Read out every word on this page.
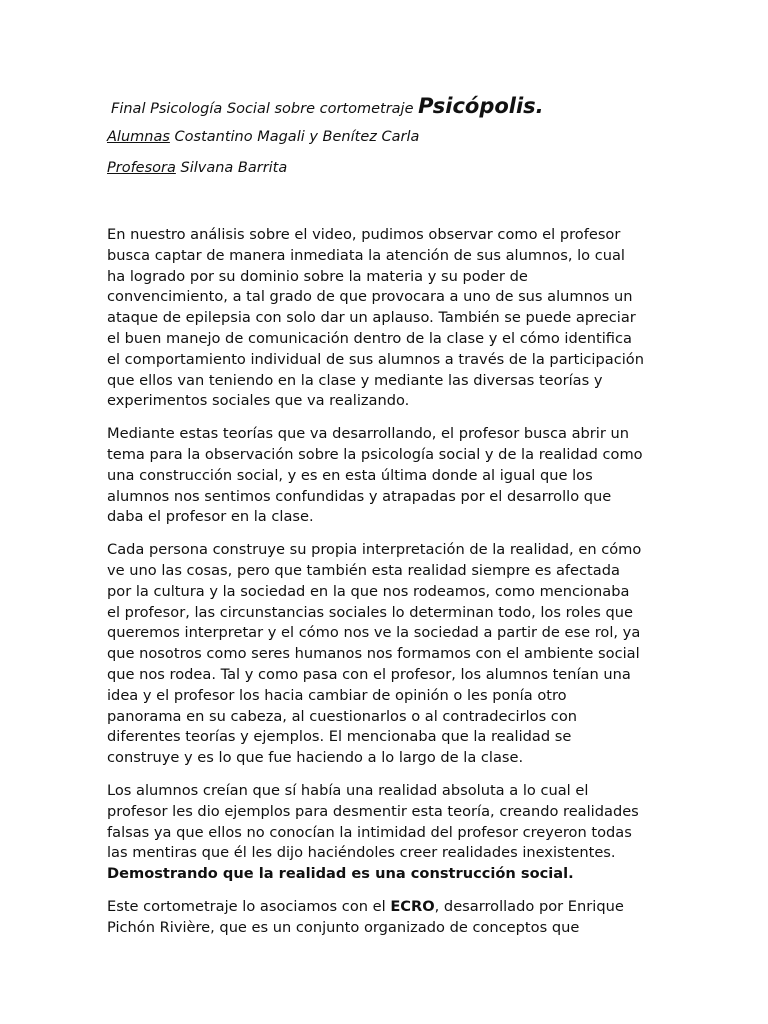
Final Psicología Social sobre cortometraje Psicópolis.
Alumnas Costantino Magali y Benítez Carla
Profesora Silvana Barrita

En nuestro análisis sobre el video, pudimos observar como el profesor
busca captar de manera inmediata la atención de sus alumnos, lo cual
ha logrado por su dominio sobre la materia y su poder de
convencimiento, a tal grado de que provocara a uno de sus alumnos un
ataque de epilepsia con solo dar un aplauso. También se puede apreciar
el buen manejo de comunicación dentro de la clase y el cómo identifica
el comportamiento individual de sus alumnos a través de la participación
que ellos van teniendo en la clase y mediante las diversas teorías y
experimentos sociales que va realizando.

Mediante estas teorías que va desarrollando, el profesor busca abrir un
tema para la observación sobre la psicología social y de la realidad como
una construcción social, y es en esta última donde al igual que los
alumnos nos sentimos confundidas y atrapadas por el desarrollo que
daba el profesor en la clase.

Cada persona construye su propia interpretación de la realidad, en cómo
ve uno las cosas, pero que también esta realidad siempre es afectada
por la cultura y la sociedad en la que nos rodeamos, como mencionaba
el profesor, las circunstancias sociales lo determinan todo, los roles que
queremos interpretar y el cómo nos ve la sociedad a partir de ese rol, ya
que nosotros como seres humanos nos formamos con el ambiente social
que nos rodea. Tal y como pasa con el profesor, los alumnos tenían una
idea y el profesor los hacia cambiar de opinión o les ponía otro
panorama en su cabeza, al cuestionarlos o al contradecirlos con
diferentes teorías y ejemplos. El mencionaba que la realidad se
construye y es lo que fue haciendo a lo largo de la clase.

Los alumnos creían que sí había una realidad absoluta a lo cual el
profesor les dio ejemplos para desmentir esta teoría, creando realidades
falsas ya que ellos no conocían la intimidad del profesor creyeron todas
las mentiras que él les dijo haciéndoles creer realidades inexistentes.
Demostrando que la realidad es una construcción social.

Este cortometraje lo asociamos con el ECRO, desarrollado por Enrique
Pichón Rivière, que es un conjunto organizado de conceptos que
